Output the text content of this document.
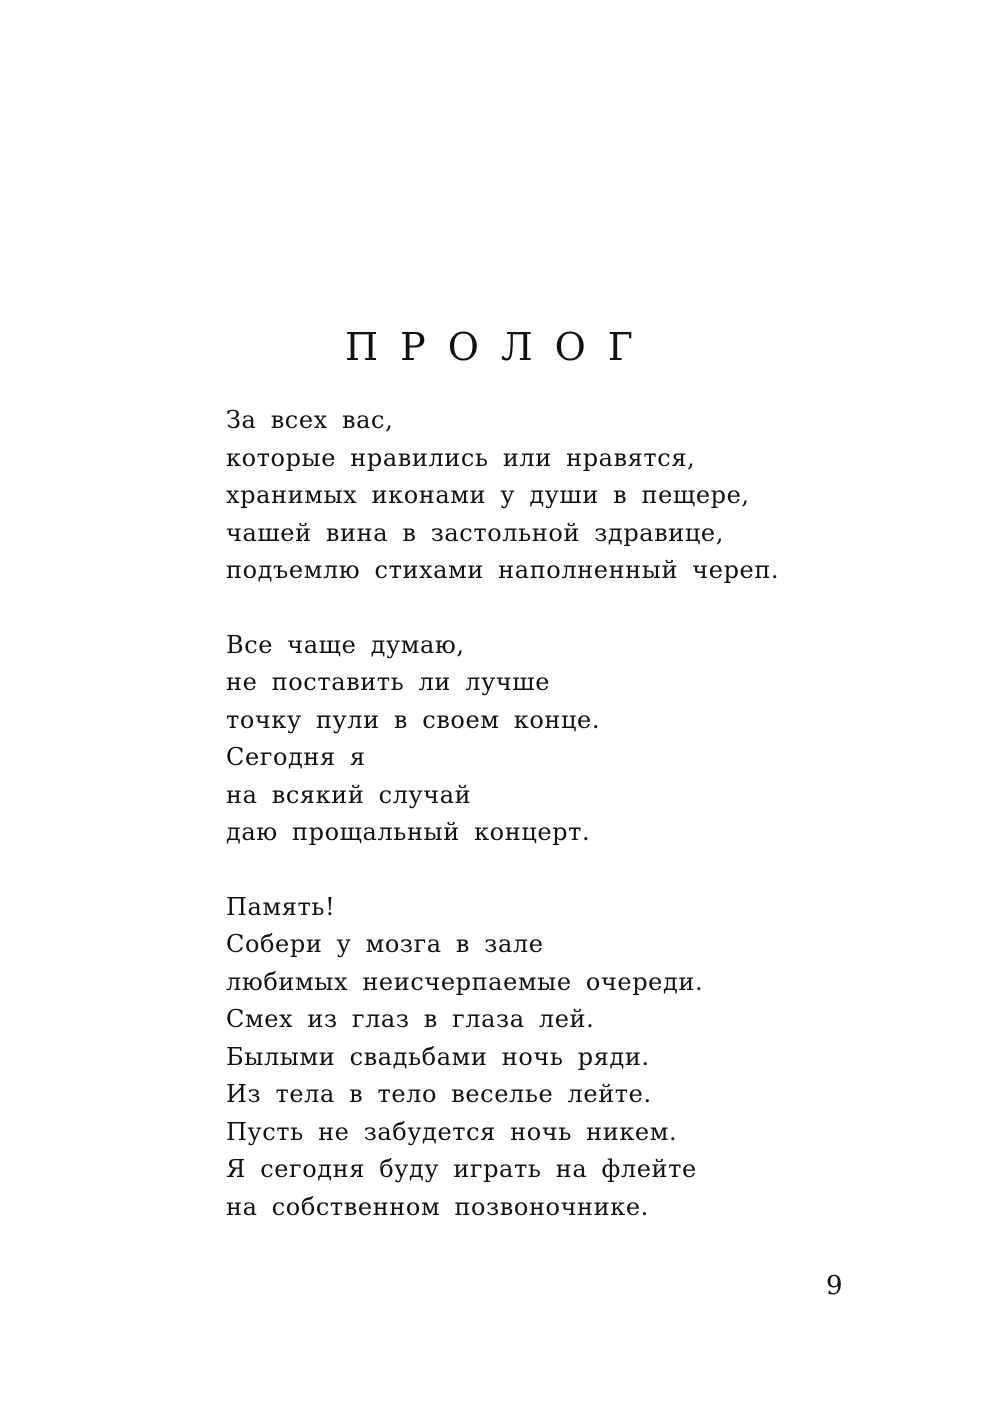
ПРОЛОГ
За всех вас,
которые нравились или нравятся,
хранимых иконами у души в пещере,
чашей вина в застольной здравице,
подъемлю стихами наполненный череп.
Все чаще думаю,
не поставить ли лучше
точку пули в своем конце.
Сегодня я
на всякий случай
даю прощальный концерт.
Память!
Собери у мозга в зале
любимых неисчерпаемые очереди.
Смех из глаз в глаза лей.
Былыми свадьбами ночь ряди.
Из тела в тело веселье лейте.
Пусть не забудется ночь никем.
Я сегодня буду играть на флейте
на собственном позвоночнике.
9
